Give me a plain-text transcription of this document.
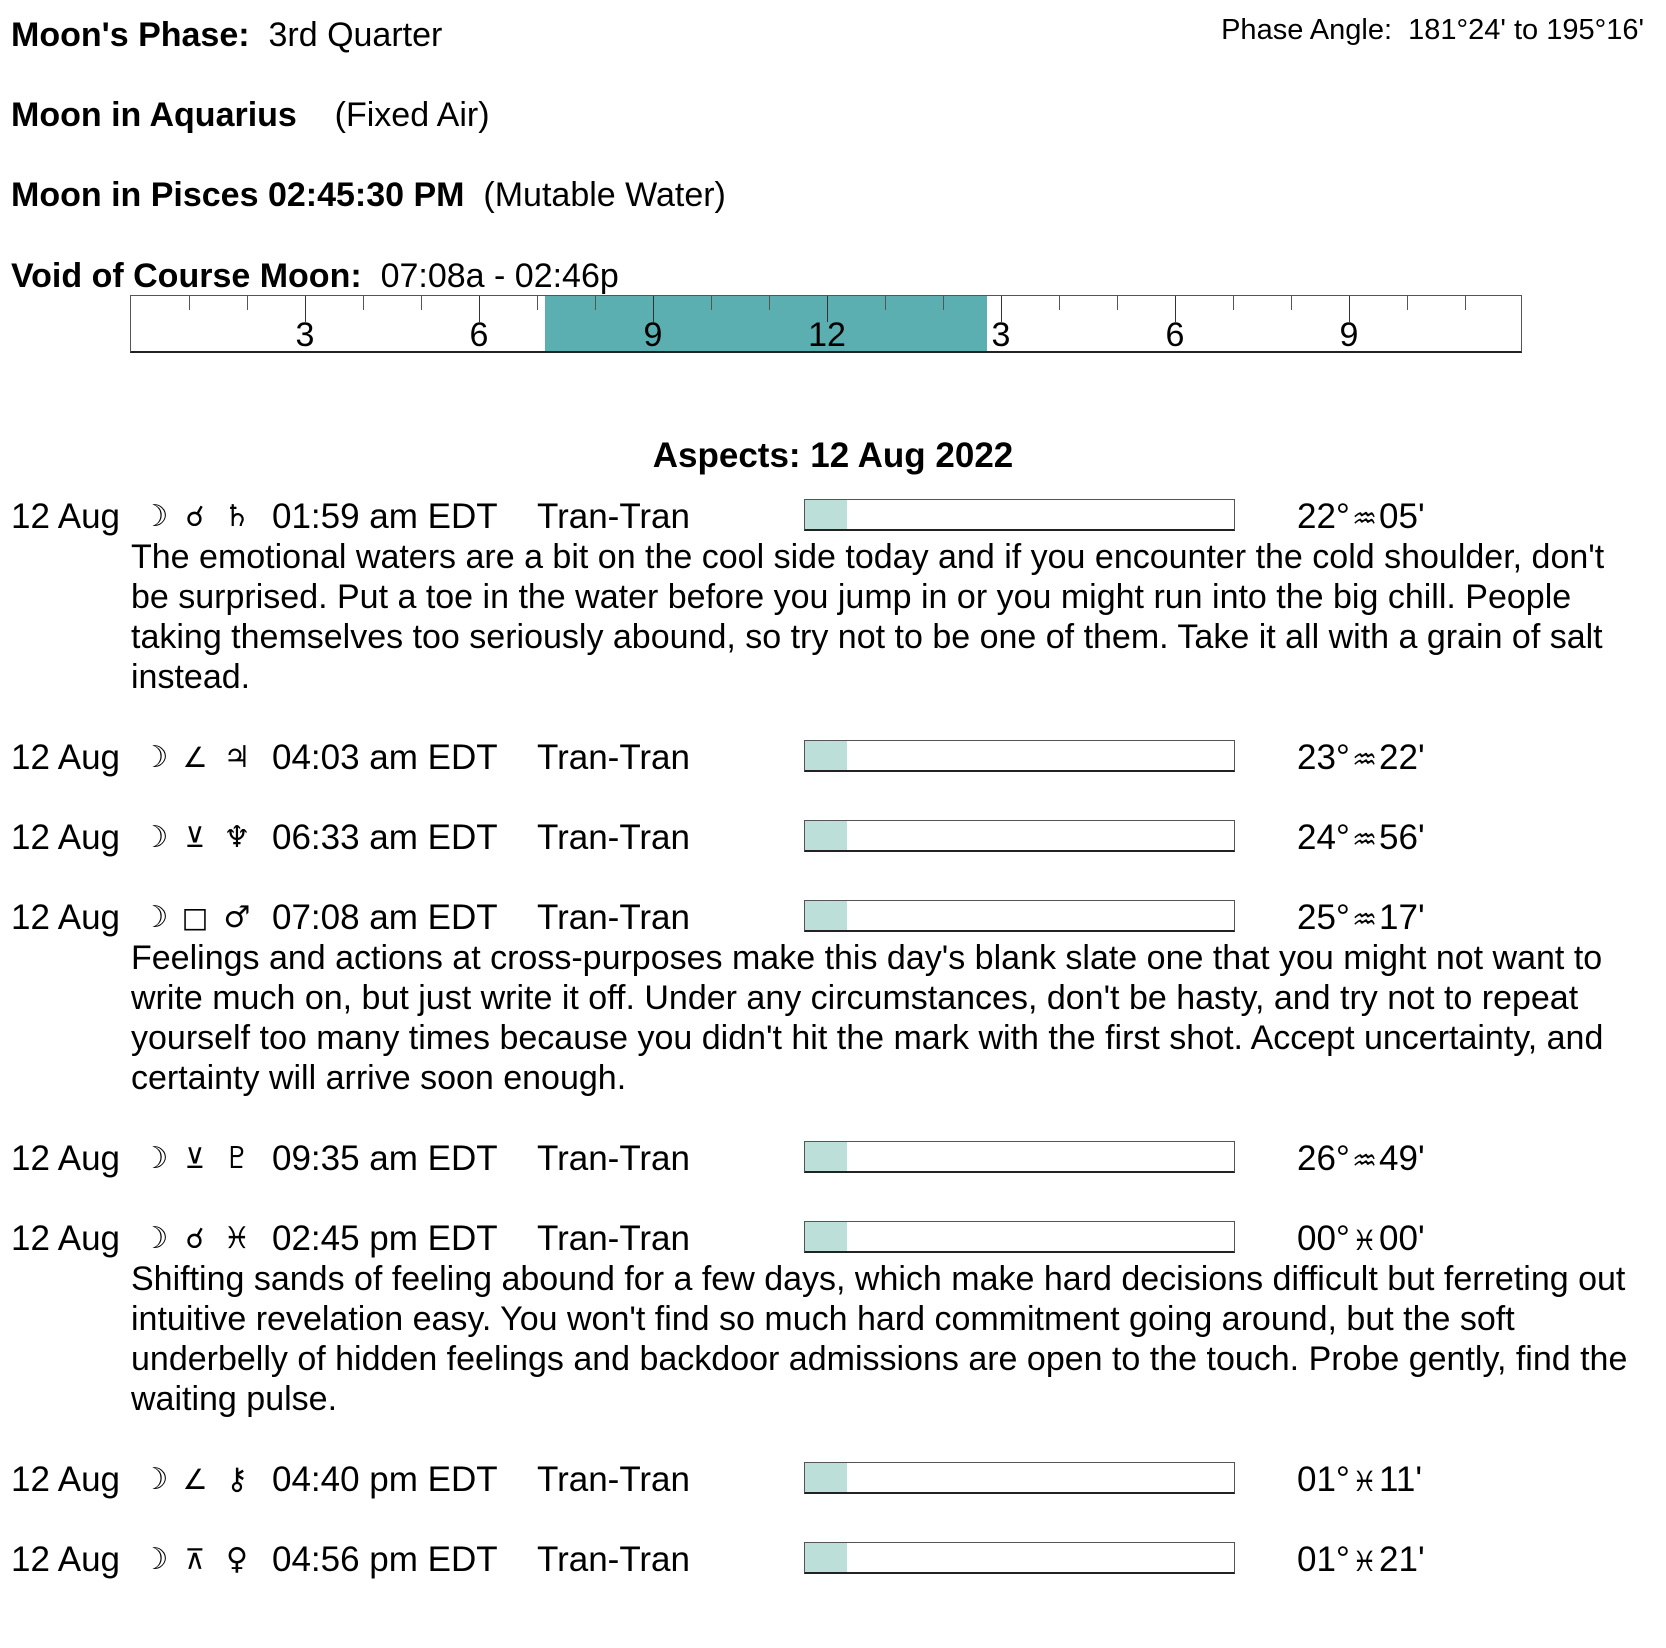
Moon's Phase: 3rd Quarter	Phase Angle: 181°24' to 195°16'
Moon in Aquarius (Fixed Air)
Moon in Pisces 02:45:30 PM (Mutable Water)
Void of Course Moon: 07:08a - 02:46p
3	6	9	12	3	6	9
Aspects: 12 Aug 2022
12 Aug ☽ ☌ ♄ 01:59 am EDT Tran-Tran	22°♒05'
The emotional waters are a bit on the cool side today and if you encounter the cold shoulder, don't be surprised. Put a toe in the water before you jump in or you might run into the big chill. People taking themselves too seriously abound, so try not to be one of them. Take it all with a grain of salt instead.
12 Aug ☽ ∠ ♃ 04:03 am EDT Tran-Tran	23°♒22'
12 Aug ☽ ⊻ ♆ 06:33 am EDT Tran-Tran	24°♒56'
12 Aug ☽ □ ♂ 07:08 am EDT Tran-Tran	25°♒17'
Feelings and actions at cross-purposes make this day's blank slate one that you might not want to write much on, but just write it off. Under any circumstances, don't be hasty, and try not to repeat yourself too many times because you didn't hit the mark with the first shot. Accept uncertainty, and certainty will arrive soon enough.
12 Aug ☽ ⊻ ♇ 09:35 am EDT Tran-Tran	26°♒49'
12 Aug ☽ ☌ ♓ 02:45 pm EDT Tran-Tran	00°♓00'
Shifting sands of feeling abound for a few days, which make hard decisions difficult but ferreting out intuitive revelation easy. You won't find so much hard commitment going around, but the soft underbelly of hidden feelings and backdoor admissions are open to the touch. Probe gently, find the waiting pulse.
12 Aug ☽ ∠ ⚷ 04:40 pm EDT Tran-Tran	01°♓11'
12 Aug ☽ ⊼ ♀ 04:56 pm EDT Tran-Tran	01°♓21'
